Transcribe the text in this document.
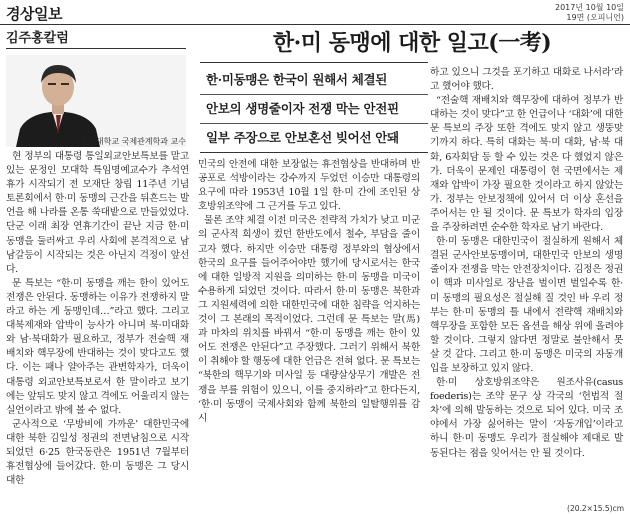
경상일보	2017년 10월 10일
19면 (오피니언)
김주홍칼럼
울산대학교 국제관계학과 교수
한·미 동맹에 대한 일고(一考)
한·미동맹은 한국이 원해서 체결된
안보의 생명줄이자 전쟁 막는 안전핀
일부 주장으로 안보혼선 빚어선 안돼

현 정부의 대통령 통일외교안보특보를 맡고 있는 문정인 모대학 특임명예교수가 추석연휴가 시작되기 전 모재단 창립 11주년 기념토론회에서 한·미 동맹의 근간을 뒤흔드는 발언을 해 나라를 온통 쑥대밭으로 만들었었다. 단군 이래 최장 연휴기간이 끝난 지금 한·미 동맹을 둘러싸고 우리 사회에 본격적으로 남남갈등이 시작되는 것은 아닌지 걱정이 앞선다.

문 특보는 “한·미 동맹을 깨는 한이 있어도 전쟁은 안된다. 동맹하는 이유가 전쟁하지 말라고 하는 게 동맹인데…”라고 했다. 그리고 대북제재와 압박이 능사가 아니며 북·미대화와 남·북대화가 필요하고, 정부가 전술핵 재배치와 핵무장에 반대하는 것이 맞다고도 했다. 이는 패나 얄아주는 관변학자가, 더욱이 대통령 외교안보특보로서 한 말이라고 보기에는 앞뒤도 맞지 않고 격에도 어울리지 않는 실언이라고 밖에 볼 수 없다.

군사적으로 ‘무방비에 가까운’ 대한민국에 대한 북한 김일성 정권의 전면남침으로 시작되었던 6·25 한국동란은 1951년 7월부터 휴전협상에 들어갔다. 한·미 동맹은 그 당시 대한

민국의 안전에 대한 보장없는 휴전협상을 반대하며 반공포로 석방이라는 강수까지 두었던 이승만 대통령의 요구에 따라 1953년 10월 1일 한·미 간에 조인된 상호방위조약에 그 근거를 두고 있다.

물론 조약 체결 이전 미국은 전략적 가치가 낮고 미군의 군사적 희생이 컸던 한반도에서 철수, 부담을 줄이고자 했다. 하지만 이승만 대통령 정부와의 협상에서 한국의 요구를 들어주어야만 했기에 당시로서는 한국에 대한 일방적 지원을 의미하는 한·미 동맹을 미국이 수용하게 되었던 것이다. 따라서 한·미 동맹은 북한과 그 지원세력에 의한 대한민국에 대한 침략을 억지하는 것이 그 본래의 목적이었다. 그런데 문 특보는 말(馬)과 마차의 위치를 바꿔서 “한·미 동맹을 깨는 한이 있어도 전쟁은 안된다”고 주장했다. 그러기 위해서 북한이 취해야 할 행동에 대한 언급은 전혀 없다. 문 특보는 “북한의 핵무기와 미사일 등 대량살상무기 개발은 전쟁을 부를 위험이 있으니, 이를 중지하라”고 한다든지, ‘한·미 동맹이 국제사회와 함께 북한의 일탈행위를 감시

하고 있으니 그것을 포기하고 대화로 나서라’라고 했어야 했다.

“전술핵 재배치와 핵무장에 대하여 정부가 반대하는 것이 맞다”고 한 언급이나 ‘대화’에 대한 문 특보의 주장 또한 격에도 맞지 않고 생뚱맞기까지 하다. 특히 대화는 북·미 대화, 남·북 대화, 6자회담 등 할 수 있는 것은 다 했었지 않은가. 더욱이 문제인 대통령이 현 국면에서는 제재와 압박이 가장 필요한 것이라고 하지 않았는가. 정부는 안보정책에 있어서 더 이상 혼선을 주어서는 안 될 것이다. 문 특보가 학자의 입장을 주장하려면 순수한 학자로 남기 바란다.

한·미 동맹은 대한민국이 절실하게 원해서 체결된 군사안보동맹이며, 대한민국 안보의 생명줄이자 전쟁을 막는 안전장치이다. 김정은 정권이 핵과 미사일로 장난을 벌이면 벌일수록 한·미 동맹의 필요성은 절실해 질 것인 바 우리 정부는 한·미 동맹의 틀 내에서 전략핵 재배치와 핵무장을 포함한 모든 옵션을 해상 위에 올려야 할 것이다. 그렇지 않다면 정말로 불안해서 못살 것 같다. 그리고 한·미 동맹은 미국의 자동개입을 보장하고 있지 않다.

한·미 상호방위조약은 원조사유(casus foederis)는 조약 문구 상 각국의 ‘헌법적 절차’에 의해 발동하는 것으로 되어 있다. 미국 조야에서 가장 싫어하는 말이 ‘자동개입’이라고 하니 한·미 동맹도 우리가 절실해야 제대로 발동된다는 점을 잊어서는 안 될 것이다.

(20.2×15.5)cm
